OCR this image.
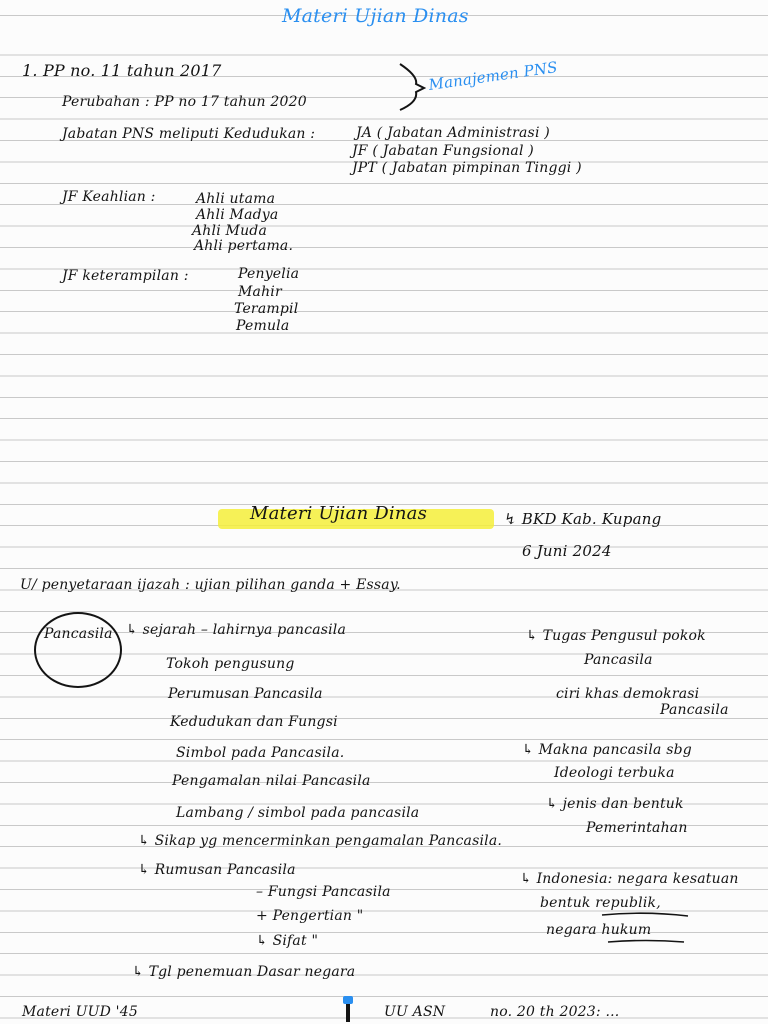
Materi Ujian Dinas
1. PP no. 11 tahun 2017
Perubahan : PP no 17 tahun 2020
Manajemen PNS
Jabatan PNS meliputi Kedudukan :	JA ( Jabatan Administrasi )
JF ( Jabatan Fungsional )
JPT ( Jabatan pimpinan Tinggi )
JF Keahlian :	Ahli utama
Ahli Madya
Ahli Muda
Ahli pertama.
JF keterampilan :	Penyelia
Mahir
Terampil
Pemula
Materi Ujian Dinas	↯ BKD Kab. Kupang
6 Juni 2024
U/ penyetaraan ijazah : ujian pilihan ganda + Essay.
Pancasila ↳ sejarah – lahirnya pancasila
Tokoh pengusung
Perumusan Pancasila
Kedudukan dan Fungsi
Simbol pada Pancasila.
Pengamalan nilai Pancasila
Lambang / simbol pada pancasila
↳ Sikap yg mencerminkan pengamalan Pancasila.
↳ Rumusan Pancasila
– Fungsi Pancasila
+ Pengertian "
↳ Sifat "
↳ Tgl penemuan Dasar negara
↳ Tugas Pengusul pokok
Pancasila
ciri khas demokrasi
Pancasila
↳ Makna pancasila sbg
Ideologi terbuka
↳ jenis dan bentuk
Pemerintahan
↳ Indonesia: negara kesatuan
bentuk republik,
negara hukum
Materi UUD '45	UU ASN	no. 20 th 2023: ...
